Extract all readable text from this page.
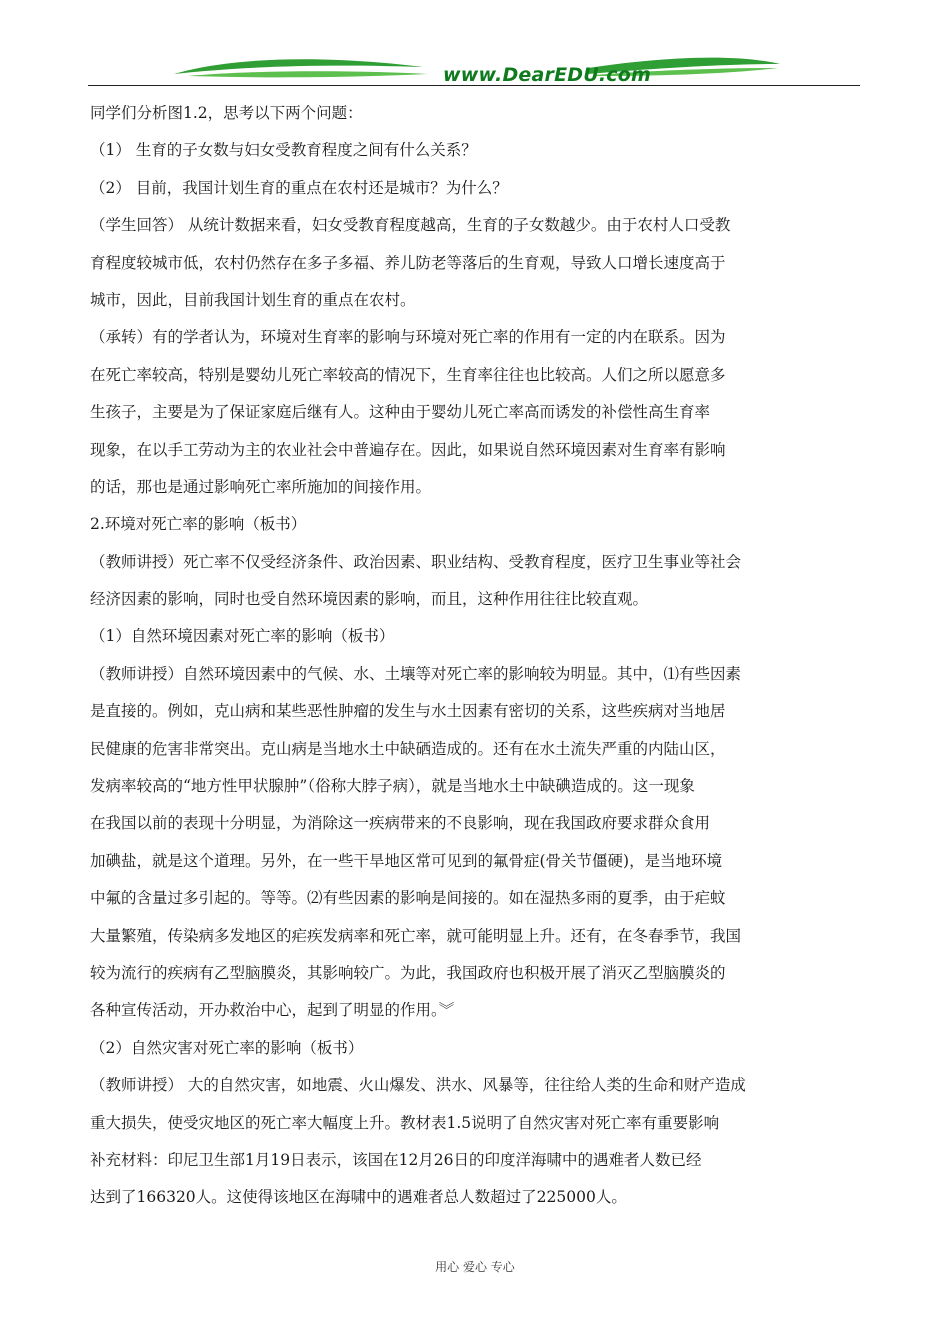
www.DearEDU.com
同学们分析图1.2，思考以下两个问题：
（1） 生育的子女数与妇女受教育程度之间有什么关系？
（2） 目前，我国计划生育的重点在农村还是城市？为什么？
（学生回答） 从统计数据来看，妇女受教育程度越高，生育的子女数越少。由于农村人口受教
育程度较城市低，农村仍然存在多子多福、养儿防老等落后的生育观，导致人口增长速度高于
城市，因此，目前我国计划生育的重点在农村。
（承转）有的学者认为，环境对生育率的影响与环境对死亡率的作用有一定的内在联系。因为
在死亡率较高，特别是婴幼儿死亡率较高的情况下，生育率往往也比较高。人们之所以愿意多
生孩子，主要是为了保证家庭后继有人。这种由于婴幼儿死亡率高而诱发的补偿性高生育率
现象，在以手工劳动为主的农业社会中普遍存在。因此，如果说自然环境因素对生育率有影响
的话，那也是通过影响死亡率所施加的间接作用。
2.环境对死亡率的影响（板书）
（教师讲授）死亡率不仅受经济条件、政治因素、职业结构、受教育程度，医疗卫生事业等社会
经济因素的影响，同时也受自然环境因素的影响，而且，这种作用往往比较直观。
（1）自然环境因素对死亡率的影响（板书）
（教师讲授）自然环境因素中的气候、水、土壤等对死亡率的影响较为明显。其中，⑴有些因素
是直接的。例如，克山病和某些恶性肿瘤的发生与水土因素有密切的关系，这些疾病对当地居
民健康的危害非常突出。克山病是当地水土中缺硒造成的。还有在水土流失严重的内陆山区，
发病率较高的“地方性甲状腺肿”（俗称大脖子病），就是当地水土中缺碘造成的。这一现象
在我国以前的表现十分明显，为消除这一疾病带来的不良影响，现在我国政府要求群众食用
加碘盐，就是这个道理。另外，在一些干旱地区常可见到的氟骨症(骨关节僵硬)，是当地环境
中氟的含量过多引起的。等等。⑵有些因素的影响是间接的。如在湿热多雨的夏季，由于疟蚊
大量繁殖，传染病多发地区的疟疾发病率和死亡率，就可能明显上升。还有，在冬春季节，我国
较为流行的疾病有乙型脑膜炎，其影响较广。为此，我国政府也积极开展了消灭乙型脑膜炎的
各种宣传活动，开办救治中心，起到了明显的作用。︾
（2）自然灾害对死亡率的影响（板书）
（教师讲授） 大的自然灾害，如地震、火山爆发、洪水、风暴等，往往给人类的生命和财产造成
重大损失，使受灾地区的死亡率大幅度上升。教材表1.5说明了自然灾害对死亡率有重要影响
补充材料：印尼卫生部1月19日表示，该国在12月26日的印度洋海啸中的遇难者人数已经
达到了166320人。这使得该地区在海啸中的遇难者总人数超过了225000人。
用心 爱心 专心
